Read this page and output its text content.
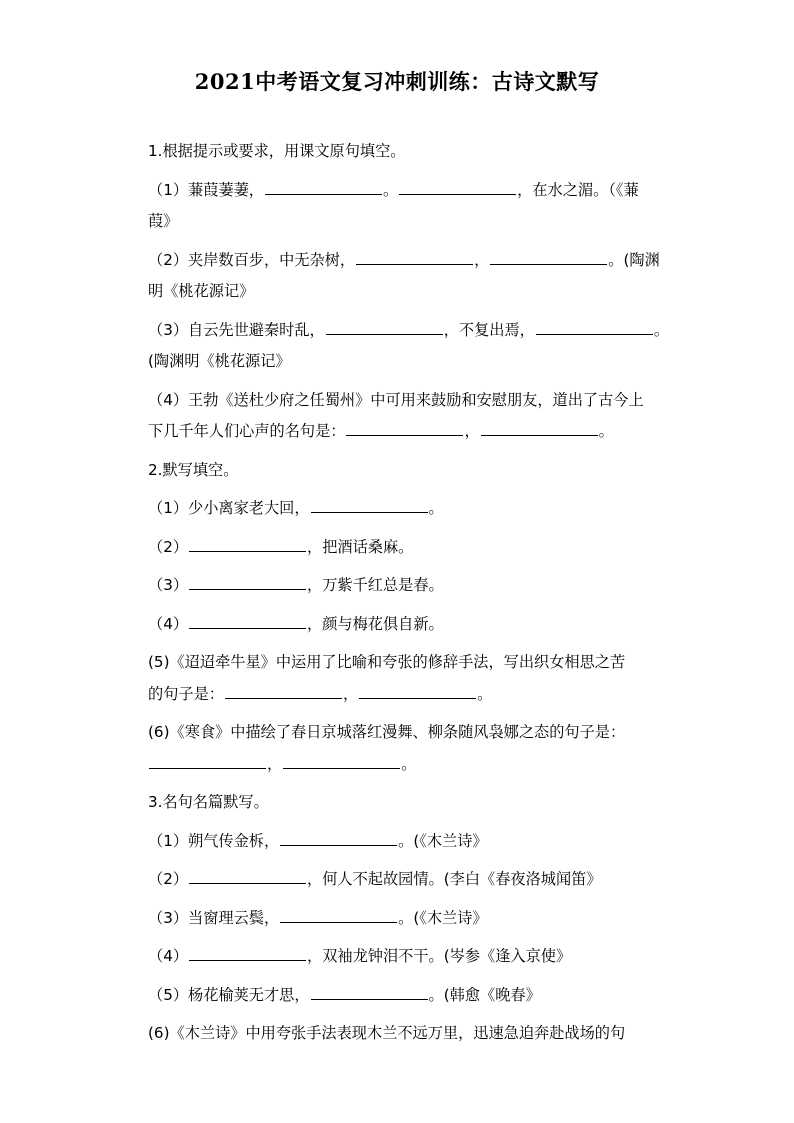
2021中考语文复习冲刺训练：古诗文默写
1.根据提示或要求，用课文原句填空。
（1）蒹葭萋萋，	。	，在水之湄。（《蒹
葭》
（2）夹岸数百步，中无杂树，	，	。(陶渊
明《桃花源记》
（3）自云先世避秦时乱，	，不复出焉，	。
(陶渊明《桃花源记》
（4）王勃《送杜少府之任蜀州》中可用来鼓励和安慰朋友，道出了古今上
下几千年人们心声的名句是：	，	。
2.默写填空。
（1）少小离家老大回，	。
（2）	，把酒话桑麻。
（3）	，万紫千红总是春。
（4）	，颜与梅花俱自新。
(5)《迢迢牵牛星》中运用了比喻和夸张的修辞手法，写出织女相思之苦
的句子是：	，	。
(6)《寒食》中描绘了春日京城落红漫舞、柳条随风袅娜之态的句子是：
，	。
3.名句名篇默写。
（1）朔气传金柝，	。(《木兰诗》
（2）	，何人不起故园情。(李白《春夜洛城闻笛》
（3）当窗理云鬓，	。(《木兰诗》
（4）	，双袖龙钟泪不干。(岑参《逢入京使》
（5）杨花榆荚无才思，	。(韩愈《晚春》
(6)《木兰诗》中用夸张手法表现木兰不远万里，迅速急迫奔赴战场的句
